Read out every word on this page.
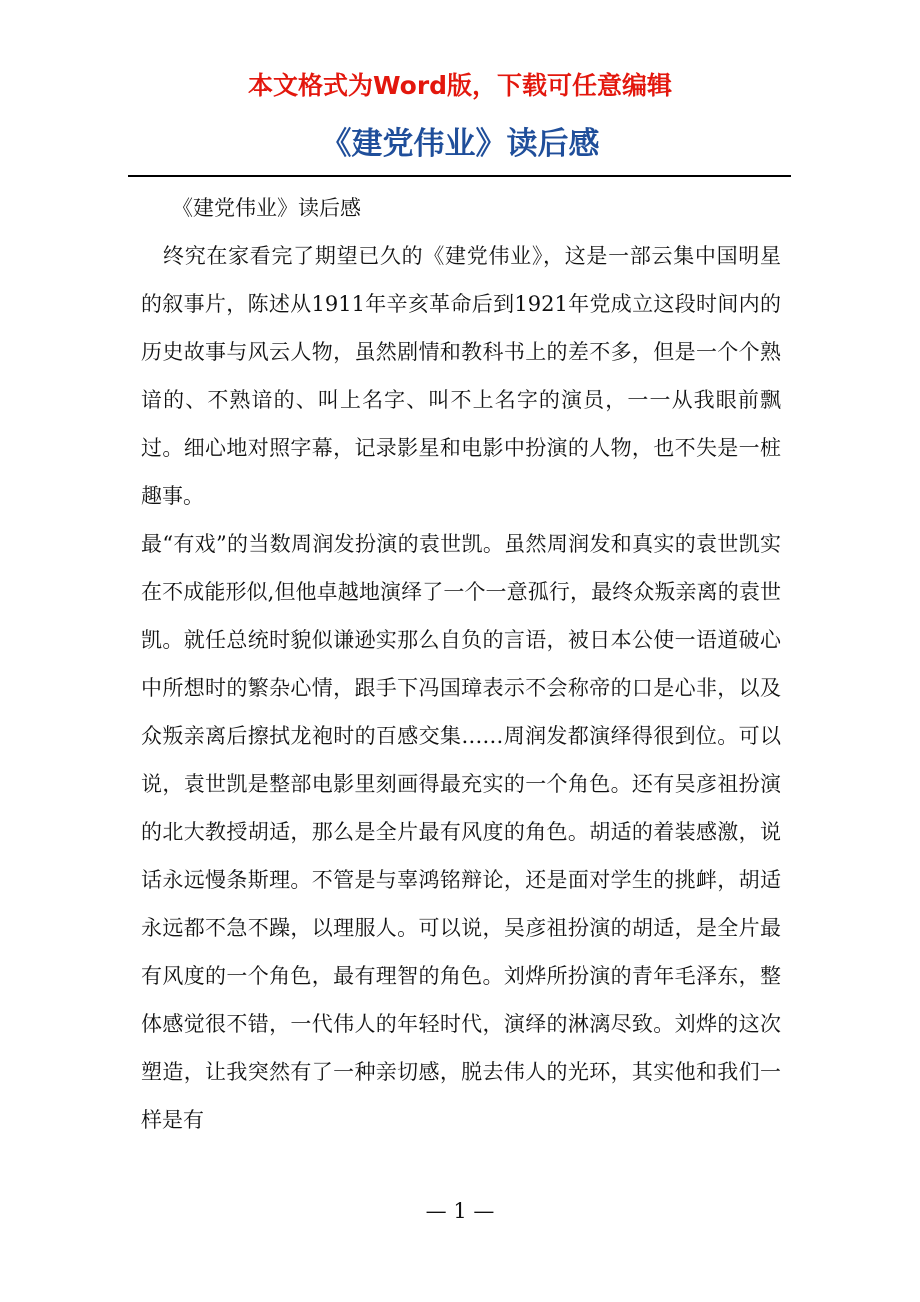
本文格式为Word版，下载可任意编辑
《建党伟业》读后感

《建党伟业》读后感

终究在家看完了期望已久的《建党伟业》，这是一部云集中国明星的叙事片，陈述从1911年辛亥革命后到1921年党成立这段时间内的历史故事与风云人物，虽然剧情和教科书上的差不多，但是一个个熟谙的、不熟谙的、叫上名字、叫不上名字的演员，一一从我眼前飘过。细心地对照字幕，记录影星和电影中扮演的人物，也不失是一桩趣事。

最“有戏”的当数周润发扮演的袁世凯。虽然周润发和真实的袁世凯实在不成能形似,但他卓越地演绎了一个一意孤行，最终众叛亲离的袁世凯。就任总统时貌似谦逊实那么自负的言语，被日本公使一语道破心中所想时的繁杂心情，跟手下冯国璋表示不会称帝的口是心非，以及众叛亲离后擦拭龙袍时的百感交集……周润发都演绎得很到位。可以说，袁世凯是整部电影里刻画得最充实的一个角色。还有吴彦祖扮演的北大教授胡适，那么是全片最有风度的角色。胡适的着装感激，说话永远慢条斯理。不管是与辜鸿铭辩论，还是面对学生的挑衅，胡适永远都不急不躁，以理服人。可以说，吴彦祖扮演的胡适，是全片最有风度的一个角色，最有理智的角色。刘烨所扮演的青年毛泽东，整体感觉很不错，一代伟人的年轻时代，演绎的淋漓尽致。刘烨的这次塑造，让我突然有了一种亲切感，脱去伟人的光环，其实他和我们一样是有

— 1 —
